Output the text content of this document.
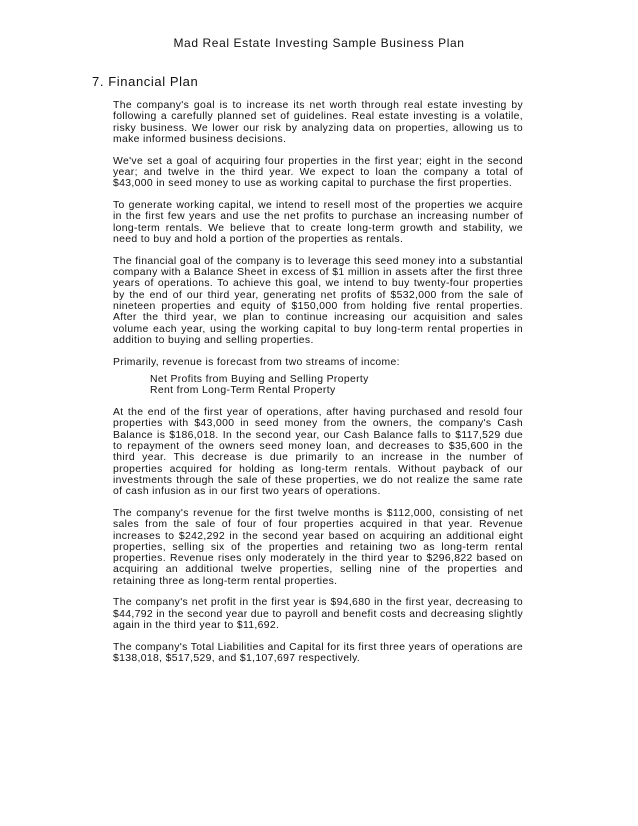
Mad Real Estate Investing Sample Business Plan
7. Financial Plan

The company's goal is to increase its net worth through real estate investing by following a carefully planned set of guidelines. Real estate investing is a volatile, risky business. We lower our risk by analyzing data on properties, allowing us to make informed business decisions.

We've set a goal of acquiring four properties in the first year; eight in the second year; and twelve in the third year. We expect to loan the company a total of $43,000 in seed money to use as working capital to purchase the first properties.

To generate working capital, we intend to resell most of the properties we acquire in the first few years and use the net profits to purchase an increasing number of long-term rentals. We believe that to create long-term growth and stability, we need to buy and hold a portion of the properties as rentals.

The financial goal of the company is to leverage this seed money into a substantial company with a Balance Sheet in excess of $1 million in assets after the first three years of operations. To achieve this goal, we intend to buy twenty-four properties by the end of our third year, generating net profits of $532,000 from the sale of nineteen properties and equity of $150,000 from holding five rental properties. After the third year, we plan to continue increasing our acquisition and sales volume each year, using the working capital to buy long-term rental properties in addition to buying and selling properties.

Primarily, revenue is forecast from two streams of income:

Net Profits from Buying and Selling Property
Rent from Long-Term Rental Property

At the end of the first year of operations, after having purchased and resold four properties with $43,000 in seed money from the owners, the company's Cash Balance is $186,018. In the second year, our Cash Balance falls to $117,529 due to repayment of the owners seed money loan, and decreases to $35,600 in the third year. This decrease is due primarily to an increase in the number of properties acquired for holding as long-term rentals. Without payback of our investments through the sale of these properties, we do not realize the same rate of cash infusion as in our first two years of operations.

The company's revenue for the first twelve months is $112,000, consisting of net sales from the sale of four of four properties acquired in that year. Revenue increases to $242,292 in the second year based on acquiring an additional eight properties, selling six of the properties and retaining two as long-term rental properties. Revenue rises only moderately in the third year to $296,822 based on acquiring an additional twelve properties, selling nine of the properties and retaining three as long-term rental properties.

The company's net profit in the first year is $94,680 in the first year, decreasing to $44,792 in the second year due to payroll and benefit costs and decreasing slightly again in the third year to $11,692.

The company's Total Liabilities and Capital for its first three years of operations are $138,018, $517,529, and $1,107,697 respectively.
